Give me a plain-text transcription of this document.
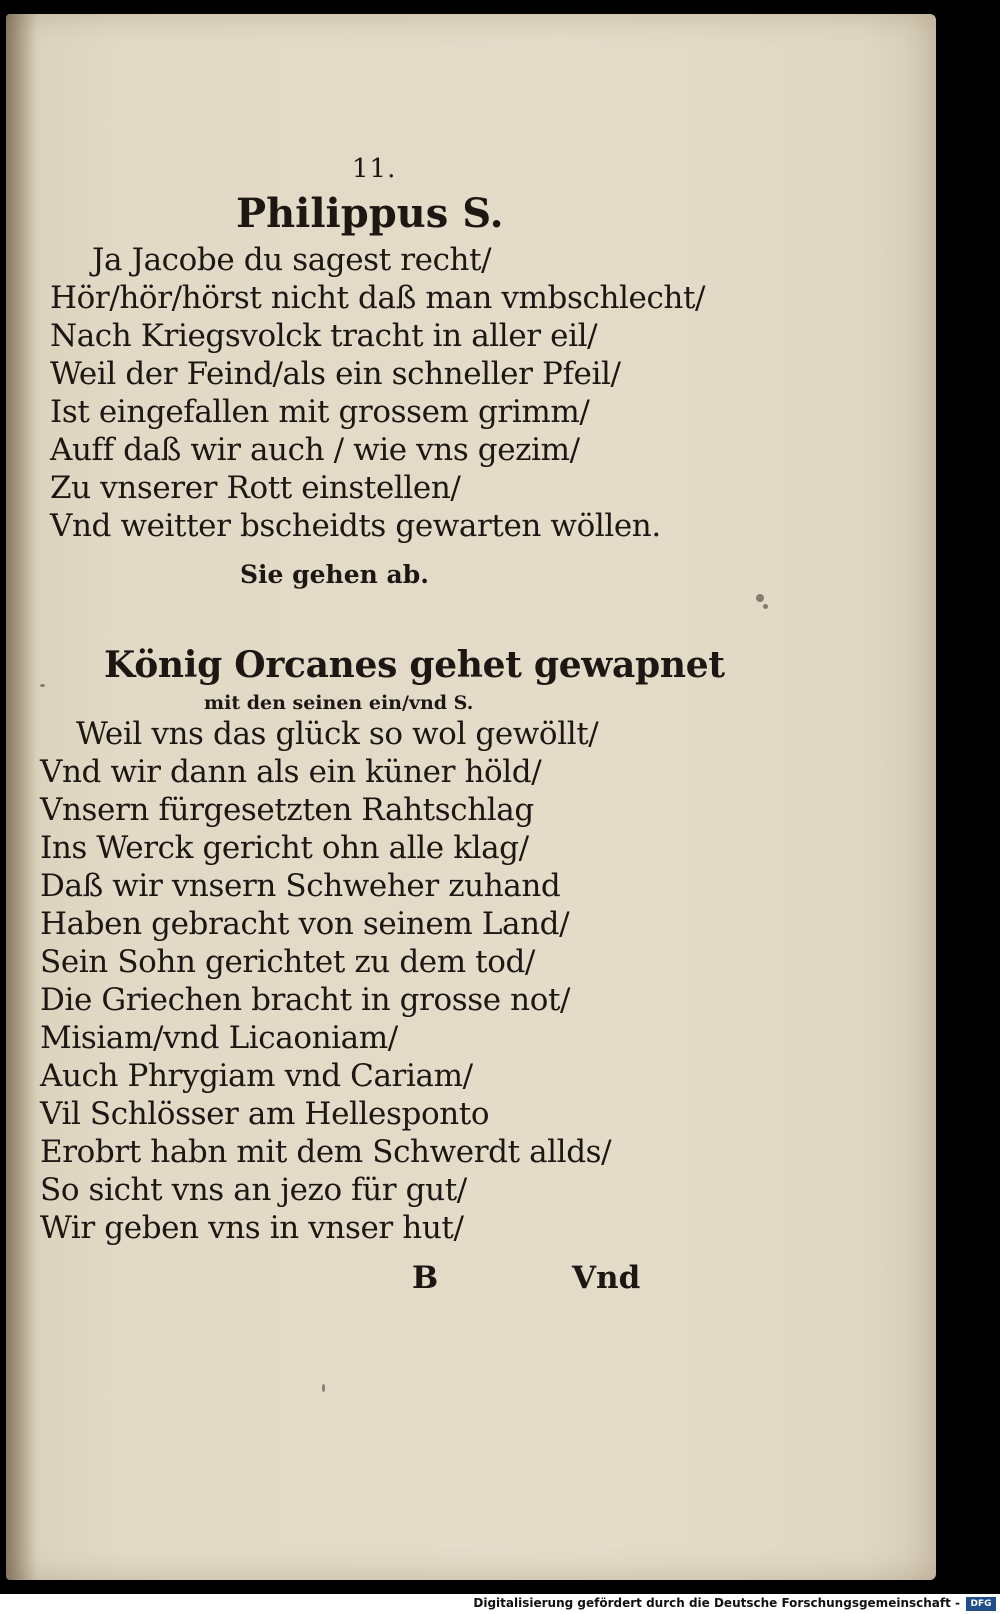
11.
Philippus S.
Ja Jacobe du sagest recht/
Hör/hör/hörst nicht daß man vmbschlecht/
Nach Kriegsvolck tracht in aller eil/
Weil der Feind/als ein schneller Pfeil/
Ist eingefallen mit grossem grimm/
Auff daß wir auch / wie vns gezim/
Zu vnserer Rott einstellen/
Vnd weitter bscheidts gewarten wöllen.
Sie gehen ab.
König Orcanes gehet gewapnet
mit den seinen ein/vnd S.
Weil vns das glück so wol gewöllt/
Vnd wir dann als ein küner höld/
Vnsern fürgesetzten Rahtschlag
Ins Werck gericht ohn alle klag/
Daß wir vnsern Schweher zuhand
Haben gebracht von seinem Land/
Sein Sohn gerichtet zu dem tod/
Die Griechen bracht in grosse not/
Misiam/vnd Licaoniam/
Auch Phrygiam vnd Cariam/
Vil Schlösser am Hellesponto
Erobrt habn mit dem Schwerdt allds/
So sicht vns an jezo für gut/
Wir geben vns in vnser hut/
B	Vnd
Digitalisierung gefördert durch die Deutsche Forschungsgemeinschaft -	DFG
